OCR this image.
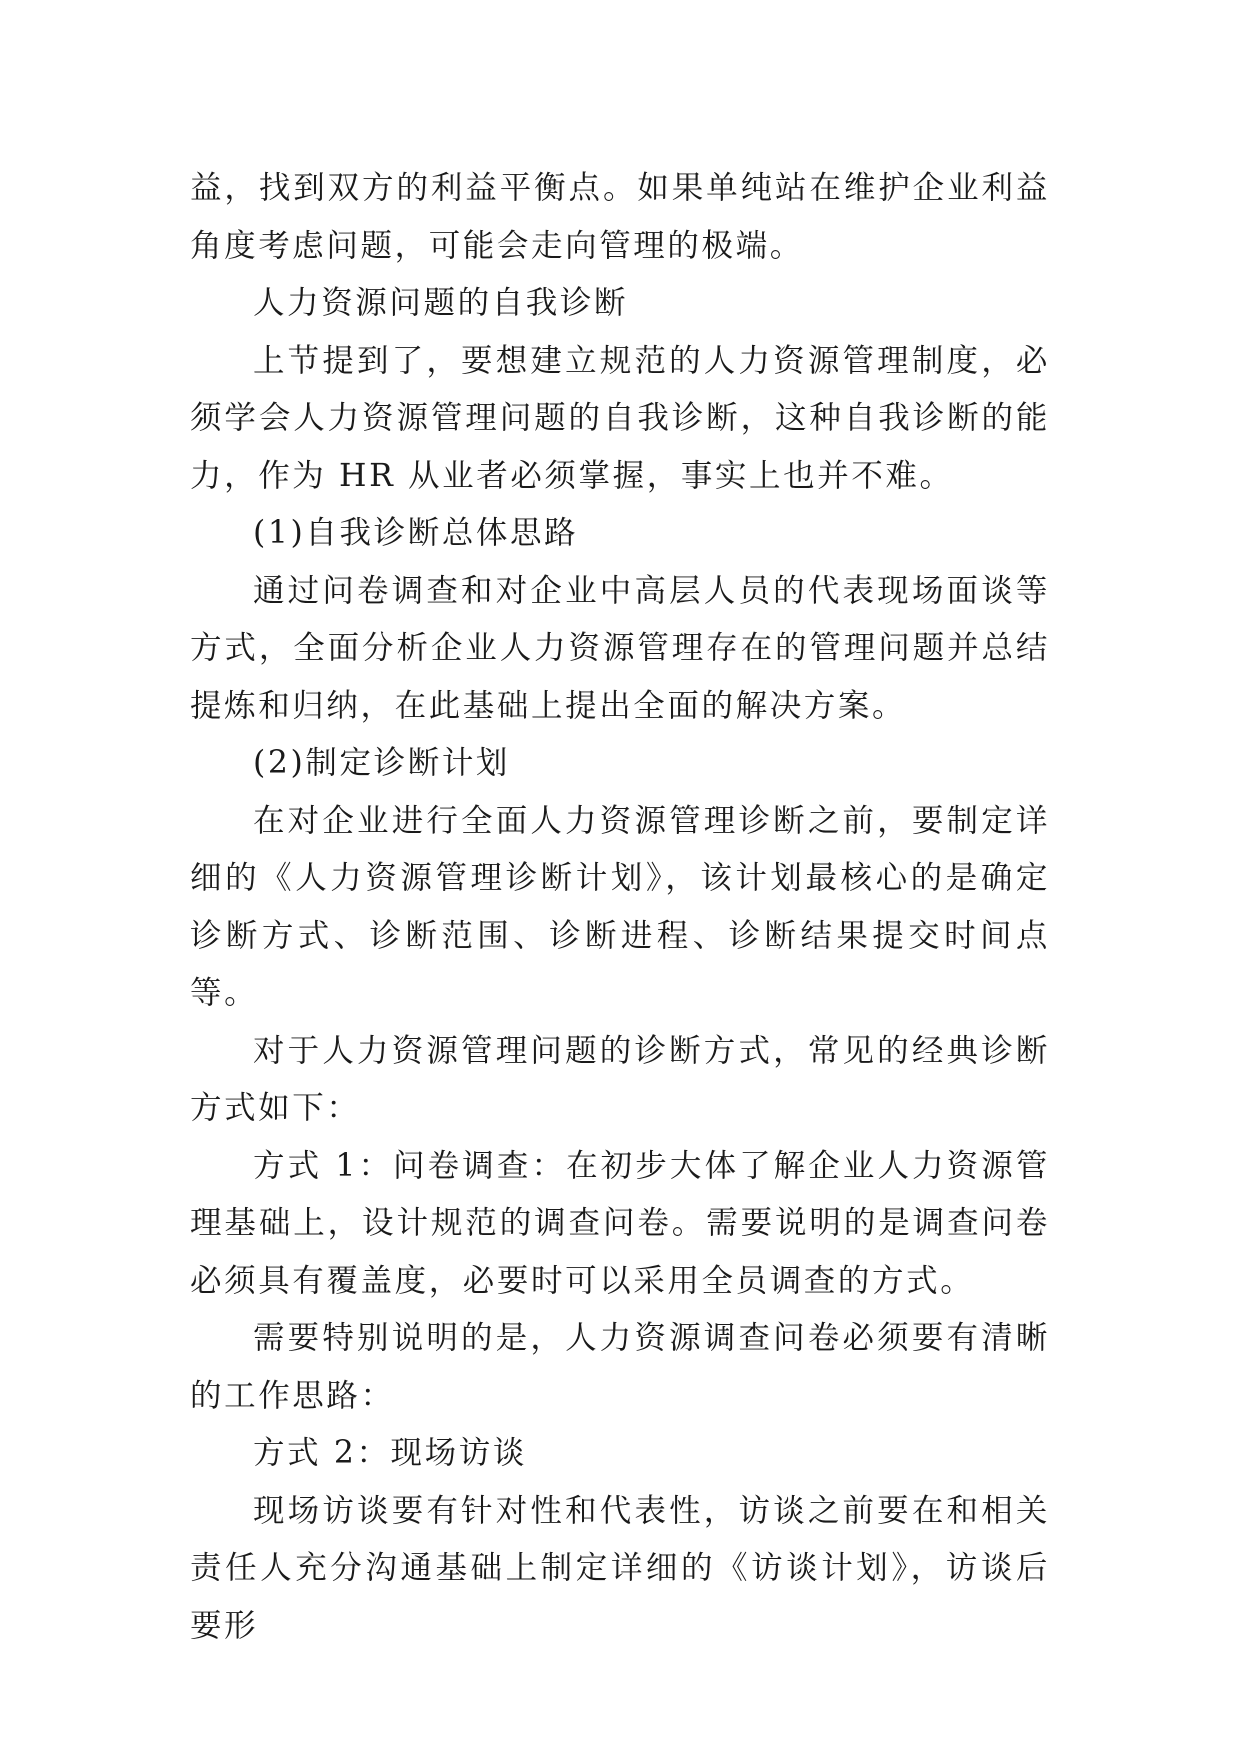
益，找到双方的利益平衡点。如果单纯站在维护企业利益角度考虑问题，可能会走向管理的极端。

人力资源问题的自我诊断

上节提到了，要想建立规范的人力资源管理制度，必须学会人力资源管理问题的自我诊断，这种自我诊断的能力，作为 HR 从业者必须掌握，事实上也并不难。

(1)自我诊断总体思路

通过问卷调查和对企业中高层人员的代表现场面谈等方式，全面分析企业人力资源管理存在的管理问题并总结提炼和归纳，在此基础上提出全面的解决方案。

(2)制定诊断计划

在对企业进行全面人力资源管理诊断之前，要制定详细的《人力资源管理诊断计划》，该计划最核心的是确定诊断方式、诊断范围、诊断进程、诊断结果提交时间点等。

对于人力资源管理问题的诊断方式，常见的经典诊断方式如下：

方式 1：问卷调查：在初步大体了解企业人力资源管理基础上，设计规范的调查问卷。需要说明的是调查问卷必须具有覆盖度，必要时可以采用全员调查的方式。

需要特别说明的是，人力资源调查问卷必须要有清晰的工作思路：

方式 2：现场访谈

现场访谈要有针对性和代表性，访谈之前要在和相关责任人充分沟通基础上制定详细的《访谈计划》，访谈后要形
